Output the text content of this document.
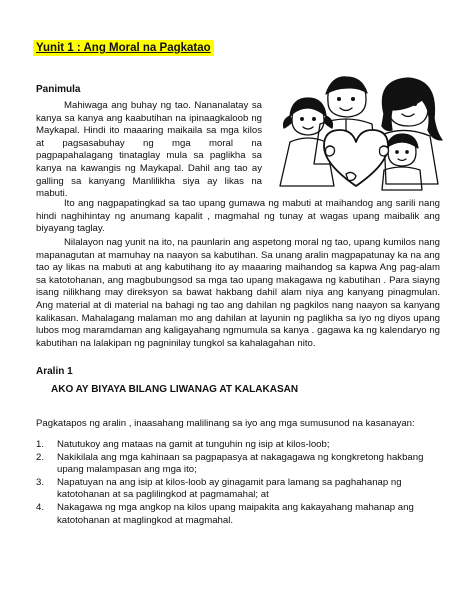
Yunit 1 : Ang Moral na Pagkatao
Panimula

Mahiwaga ang buhay ng tao. Nananalatay sa kanya sa kanya ang kaabutihan na ipinaagkaloob ng Maykapal. Hindi ito maaaring maikaila sa mga kilos at pagsasabuhay ng mga moral na pagpapahalagang tinataglay mula sa paglikha sa kanya na kawangis ng Maykapal. Dahil ang tao ay galling sa kanyang Manlilikha siya ay likas na mabuti.

Ito ang nagpapatingkad sa tao upang gumawa ng mabuti at maihandog ang sarili nang hindi naghihintay ng anumang kapalit , magmahal ng tunay at wagas upang maibalik ang biyayang taglay.

Nilalayon nag yunit na ito, na paunlarin ang aspetong moral ng tao, upang kumilos nang mapanagutan at mamuhay na naayon sa kabutihan. Sa unang aralin magpapatunay ka na ang tao ay likas na mabuti at ang kabutihang ito ay maaaring maihandog sa kapwa Ang pag-alam sa katotohanan, ang magbubungsod sa mga tao upang makagawa ng kabutihan . Para siayng isang nilikhang may direksyon sa bawat hakbang dahil alam niya ang kanyang pinagmulan. Ang material at di material na bahagi ng tao ang dahilan ng pagkilos nang naayon sa kanyang kalikasan. Mahalagang malaman mo ang dahilan at layunin ng paglikha sa iyo ng diyos upang lubos mog maramdaman ang kaligayahang ngmumula sa kanya . gagawa ka ng kalendaryo ng kabutihan na lalakipan ng pagninilay tungkol sa kahalagahan nito.

Aralin 1
AKO AY BIYAYA BILANG LIWANAG AT KALAKASAN

Pagkatapos ng aralin , inaasahang malilinang sa iyo ang mga sumusunod na kasanayan:

1. Natutukoy ang mataas na gamit at tunguhin ng isip at kilos-loob;
2. Nakikilala ang mga kahinaan sa pagpapasya at nakagagawa ng kongkretong hakbang upang malampasan ang mga ito;
3. Napatuyan na ang isip at kilos-loob ay ginagamit para lamang sa paghahanap ng katotohanan at sa paglilingkod at pagmamahal; at
4. Nakagawa ng mga angkop na kilos upang maipakita ang kakayahang mahanap ang katotohanan at maglingkod at magmahal.
